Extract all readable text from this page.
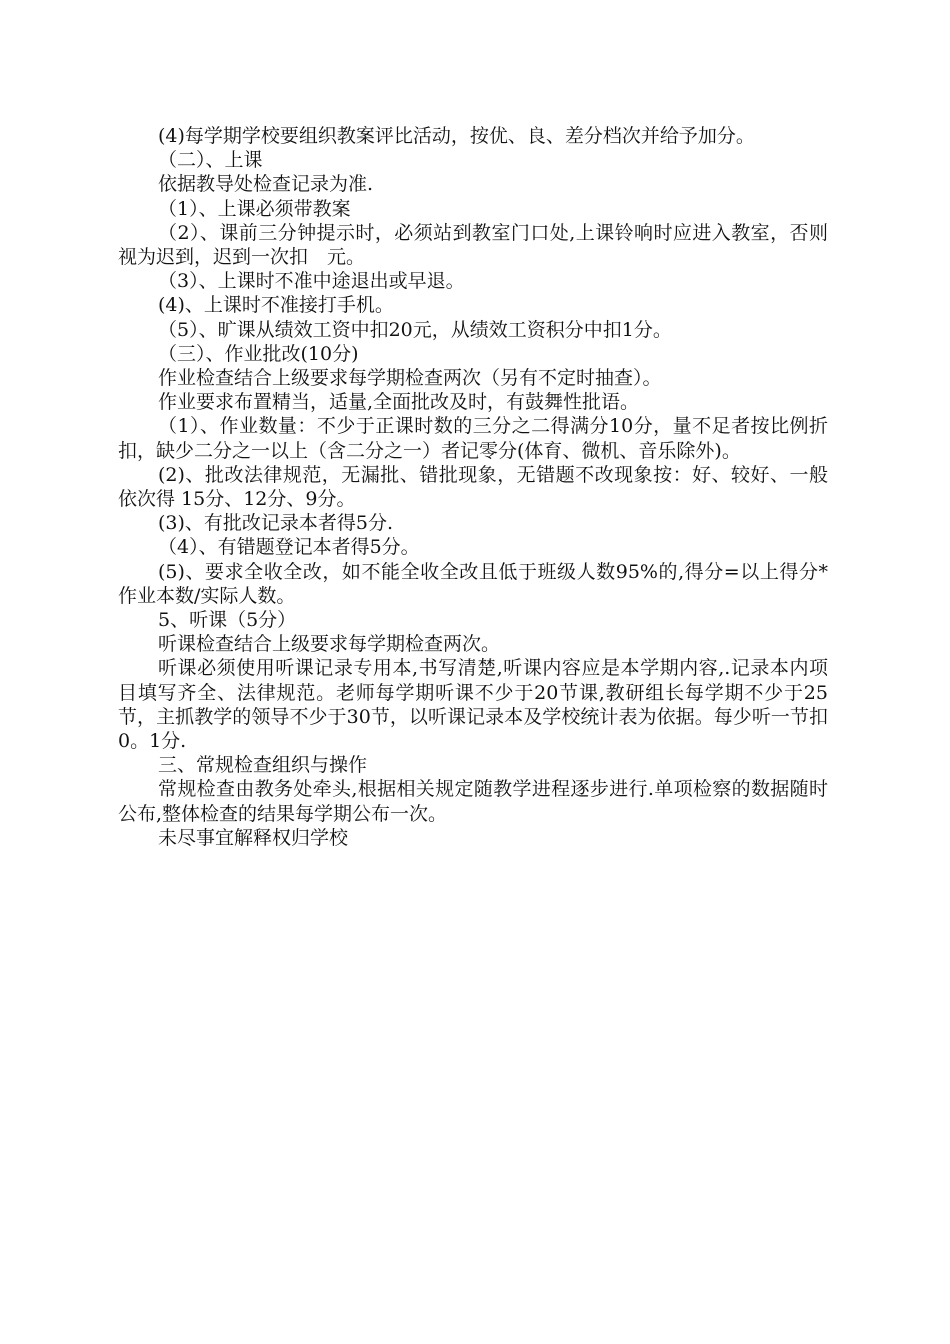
(4)每学期学校要组织教案评比活动，按优、良、差分档次并给予加分。

（二）、上课

依据教导处检查记录为准.

（1）、上课必须带教案

（2）、课前三分钟提示时，必须站到教室门口处,上课铃响时应进入教室，否则视为迟到，迟到一次扣　元。

（3）、上课时不准中途退出或早退。

(4)、上课时不准接打手机。

（5）、旷课从绩效工资中扣20元，从绩效工资积分中扣1分。

（三）、作业批改(10分)

作业检查结合上级要求每学期检查两次（另有不定时抽查）。

作业要求布置精当，适量,全面批改及时，有鼓舞性批语。

（1）、作业数量：不少于正课时数的三分之二得满分10分，量不足者按比例折扣，缺少二分之一以上（含二分之一）者记零分(体育、微机、音乐除外)。

(2)、批改法律规范，无漏批、错批现象，无错题不改现象按：好、较好、一般依次得 15分、12分、9分。

(3)、有批改记录本者得5分.

（4）、有错题登记本者得5分。

(5)、要求全收全改，如不能全收全改且低于班级人数95%的,得分=以上得分*作业本数/实际人数。

5、听课（5分）

听课检查结合上级要求每学期检查两次。

听课必须使用听课记录专用本,书写清楚,听课内容应是本学期内容,.记录本内项目填写齐全、法律规范。老师每学期听课不少于20节课,教研组长每学期不少于25节，主抓教学的领导不少于30节，以听课记录本及学校统计表为依据。每少听一节扣0。1分.

三、常规检查组织与操作

常规检查由教务处牵头,根据相关规定随教学进程逐步进行.单项检察的数据随时公布,整体检查的结果每学期公布一次。

未尽事宜解释权归学校
